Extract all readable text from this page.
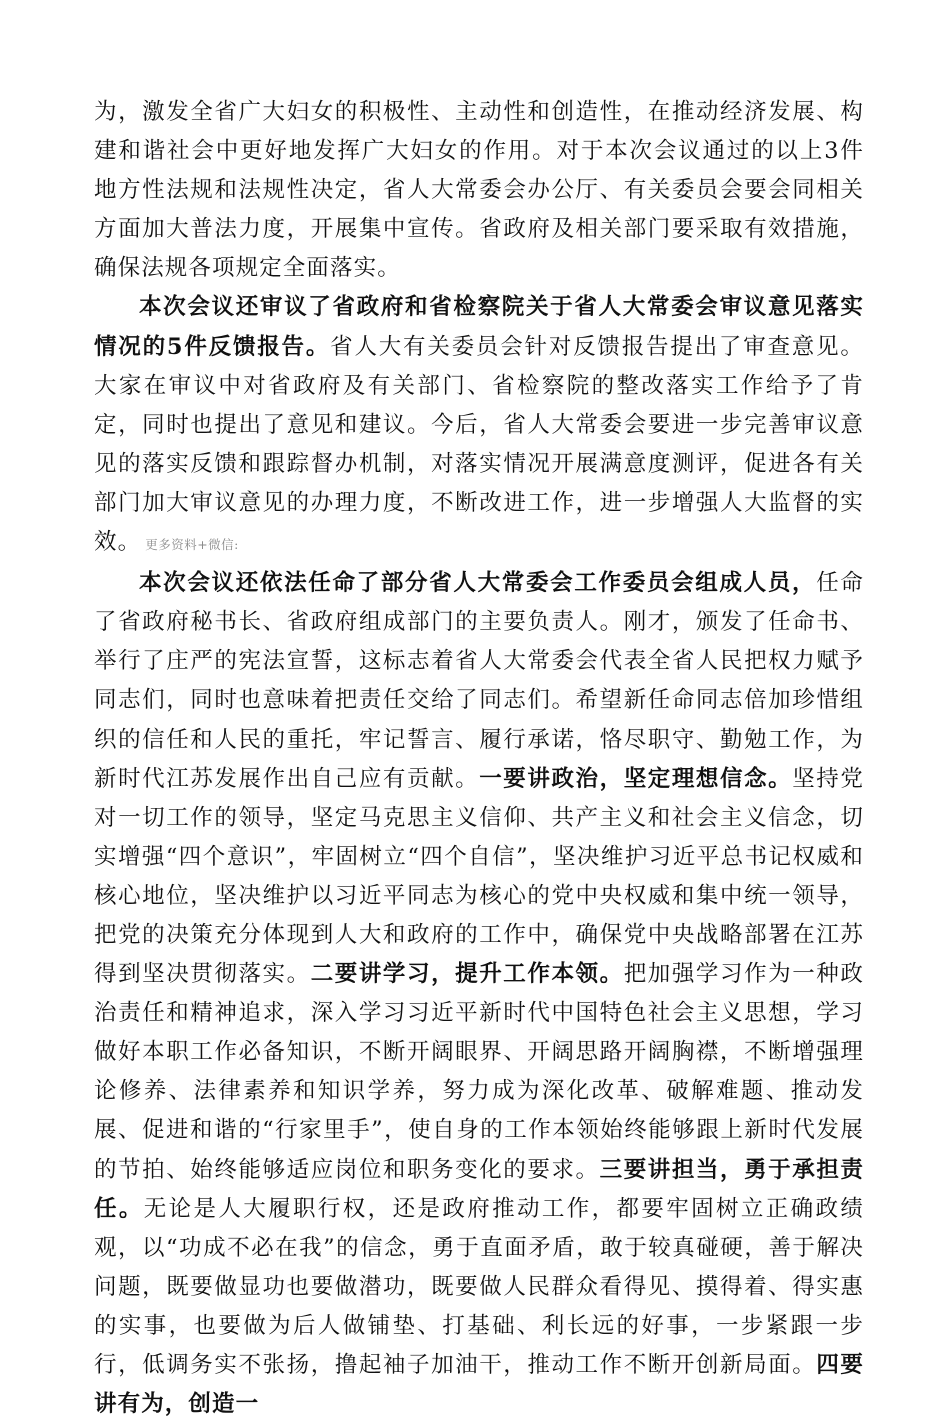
为，激发全省广大妇女的积极性、主动性和创造性，在推动经济发展、构建和谐社会中更好地发挥广大妇女的作用。对于本次会议通过的以上3件地方性法规和法规性决定，省人大常委会办公厅、有关委员会要会同相关方面加大普法力度，开展集中宣传。省政府及相关部门要采取有效措施，确保法规各项规定全面落实。

本次会议还审议了省政府和省检察院关于省人大常委会审议意见落实情况的5件反馈报告。省人大有关委员会针对反馈报告提出了审查意见。大家在审议中对省政府及有关部门、省检察院的整改落实工作给予了肯定，同时也提出了意见和建议。今后，省人大常委会要进一步完善审议意见的落实反馈和跟踪督办机制，对落实情况开展满意度测评，促进各有关部门加大审议意见的办理力度，不断改进工作，进一步增强人大监督的实效。 更多资料+微信:

本次会议还依法任命了部分省人大常委会工作委员会组成人员，任命了省政府秘书长、省政府组成部门的主要负责人。刚才，颁发了任命书、举行了庄严的宪法宣誓，这标志着省人大常委会代表全省人民把权力赋予同志们，同时也意味着把责任交给了同志们。希望新任命同志倍加珍惜组织的信任和人民的重托，牢记誓言、履行承诺，恪尽职守、勤勉工作，为新时代江苏发展作出自己应有贡献。一要讲政治，坚定理想信念。坚持党对一切工作的领导，坚定马克思主义信仰、共产主义和社会主义信念，切实增强“四个意识”，牢固树立“四个自信”，坚决维护习近平总书记权威和核心地位，坚决维护以习近平同志为核心的党中央权威和集中统一领导，把党的决策充分体现到人大和政府的工作中，确保党中央战略部署在江苏得到坚决贯彻落实。二要讲学习，提升工作本领。把加强学习作为一种政治责任和精神追求，深入学习习近平新时代中国特色社会主义思想，学习做好本职工作必备知识，不断开阔眼界、开阔思路开阔胸襟，不断增强理论修养、法律素养和知识学养，努力成为深化改革、破解难题、推动发展、促进和谐的“行家里手”，使自身的工作本领始终能够跟上新时代发展的节拍、始终能够适应岗位和职务变化的要求。三要讲担当，勇于承担责任。无论是人大履职行权，还是政府推动工作，都要牢固树立正确政绩观，以“功成不必在我”的信念，勇于直面矛盾，敢于较真碰硬，善于解决问题，既要做显功也要做潜功，既要做人民群众看得见、摸得着、得实惠的实事，也要做为后人做铺垫、打基础、利长远的好事，一步紧跟一步行，低调务实不张扬，撸起袖子加油干，推动工作不断开创新局面。四要讲有为，创造一
